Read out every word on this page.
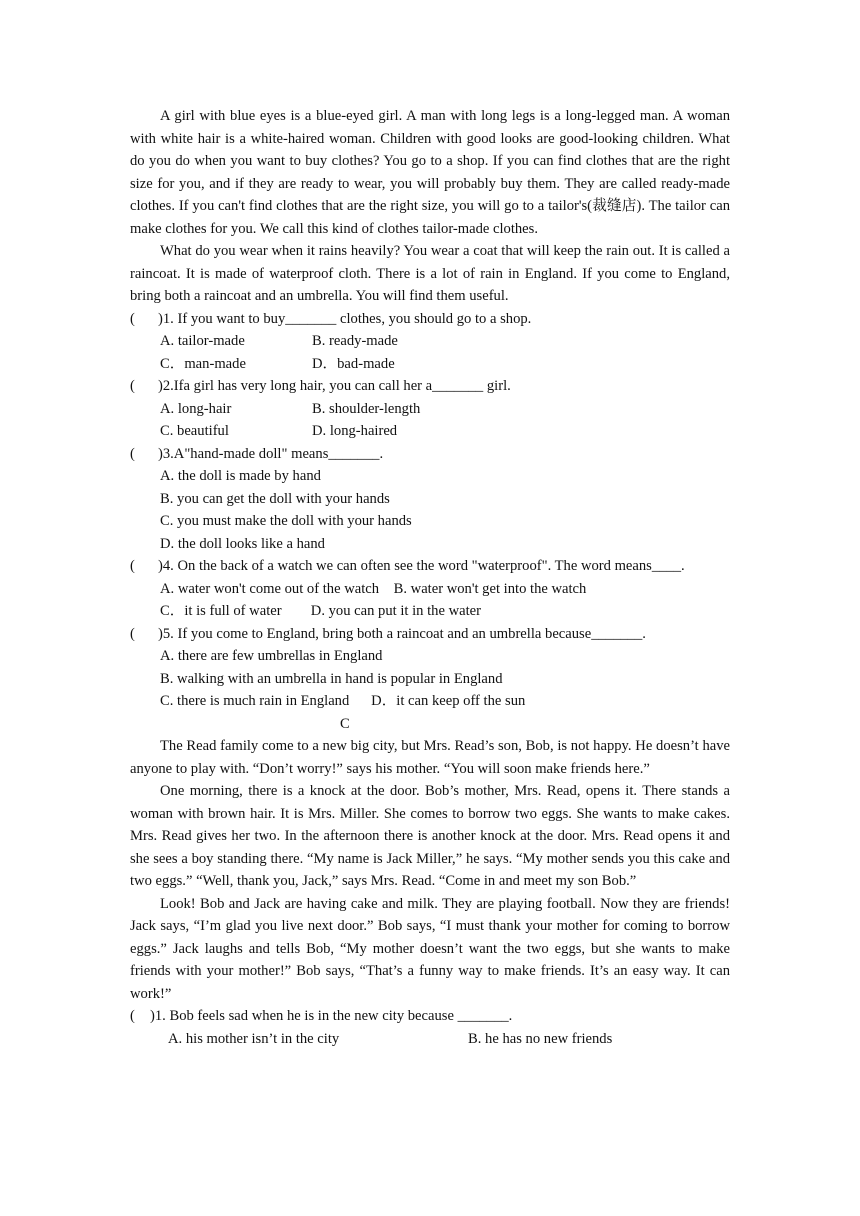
A girl with blue eyes is a blue-eyed girl. A man with long legs is a long-legged man. A woman with white hair is a white-haired woman. Children with good looks are good-looking children. What do you do when you want to buy clothes? You go to a shop. If you can find clothes that are the right size for you, and if they are ready to wear, you will probably buy them. They are called ready-made clothes. If you can't find clothes that are the right size, you will go to a tailor's(裁缝店). The tailor can make clothes for you. We call this kind of clothes tailor-made clothes.

What do you wear when it rains heavily? You wear a coat that will keep the rain out. It is called a raincoat. It is made of waterproof cloth. There is a lot of rain in England. If you come to England, bring both a raincoat and an umbrella. You will find them useful.

( )1. If you want to buy_______ clothes, you should go to a shop.
A. tailor-made	B. ready-made
C．man-made	D．bad-made
( )2.Ifa girl has very long hair, you can call her a_______ girl.
A. long-hair	B. shoulder-length
C. beautiful	D. long-haired
( )3.A"hand-made doll" means_______.
A. the doll is made by hand
B. you can get the doll with your hands
C. you must make the doll with your hands
D. the doll looks like a hand
( )4. On the back of a watch we can often see the word "waterproof". The word means____.
A. water won't come out of the watch    B. water won't get into the watch
C．it is full of water        D. you can put it in the water
( )5. If you come to England, bring both a raincoat and an umbrella because_______.
A. there are few umbrellas in England
B. walking with an umbrella in hand is popular in England
C. there is much rain in England      D．it can keep off the sun
C

The Read family come to a new big city, but Mrs. Read’s son, Bob, is not happy. He doesn’t have anyone to play with. “Don’t worry!” says his mother. “You will soon make friends here.”

One morning, there is a knock at the door. Bob’s mother, Mrs. Read, opens it. There stands a woman with brown hair. It is Mrs. Miller. She comes to borrow two eggs. She wants to make cakes. Mrs. Read gives her two. In the afternoon there is another knock at the door. Mrs. Read opens it and she sees a boy standing there. “My name is Jack Miller,” he says. “My mother sends you this cake and two eggs.” “Well, thank you, Jack,” says Mrs. Read. “Come in and meet my son Bob.”

Look! Bob and Jack are having cake and milk. They are playing football. Now they are friends! Jack says, “I’m glad you live next door.” Bob says, “I must thank your mother for coming to borrow eggs.” Jack laughs and tells Bob, “My mother doesn’t want the two eggs, but she wants to make friends with your mother!” Bob says, “That’s a funny way to make friends. It’s an easy way. It can work!”

( )1. Bob feels sad when he is in the new city because _______.
A. his mother isn’t in the city	B. he has no new friends
